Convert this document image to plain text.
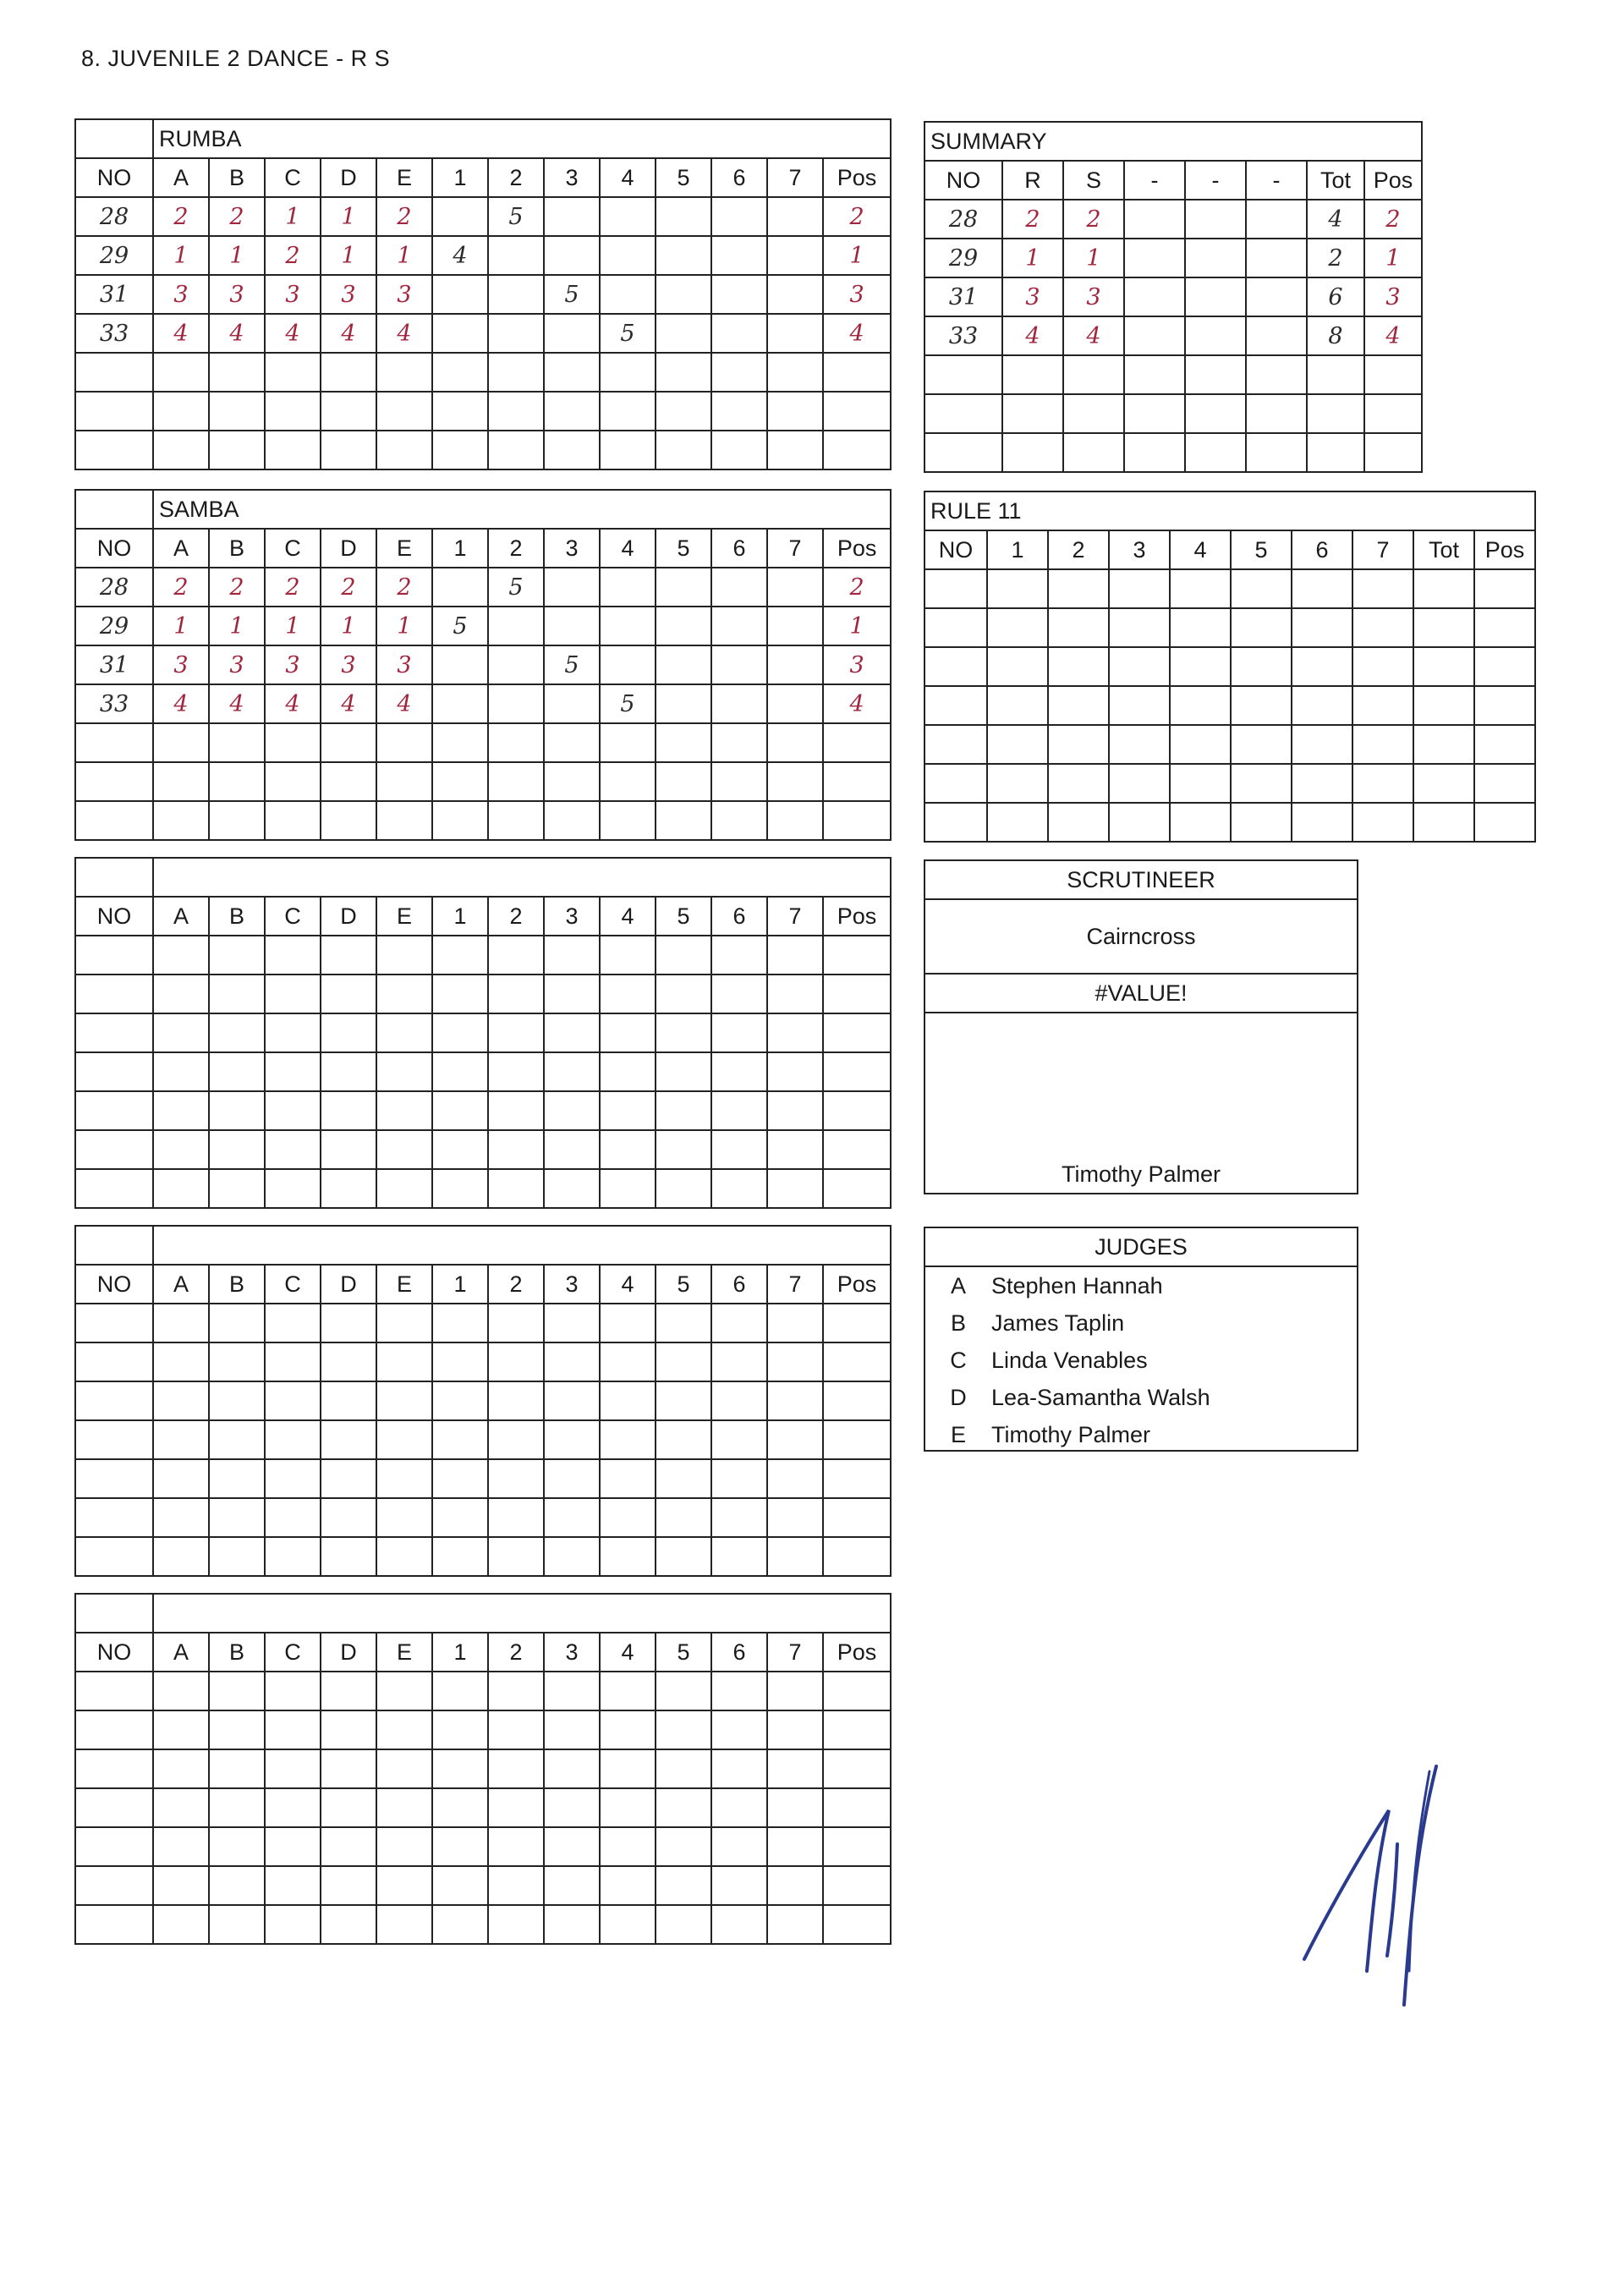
8. JUVENILE 2 DANCE - R S
	RUMBA												
NO	A	B	C	D	E	1	2	3	4	5	6	7	Pos
28	2	2	1	1	2		5						2
29	1	1	2	1	1	4							1
31	3	3	3	3	3			5					3
33	4	4	4	4	4				5				4

	SAMBA												
NO	A	B	C	D	E	1	2	3	4	5	6	7	Pos
28	2	2	2	2	2		5						2
29	1	1	1	1	1	5							1
31	3	3	3	3	3			5					3
33	4	4	4	4	4				5				4

NO	A	B	C	D	E	1	2	3	4	5	6	7	Pos

NO	A	B	C	D	E	1	2	3	4	5	6	7	Pos

NO	A	B	C	D	E	1	2	3	4	5	6	7	Pos

SUMMARY							
NO	R	S	-	-	-	Tot	Pos
28	2	2				4	2
29	1	1				2	1
31	3	3				6	3
33	4	4				8	4

RULE 11									
NO	1	2	3	4	5	6	7	Tot	Pos

SCRUTINEER
Cairncross
#VALUE!
Timothy Palmer
JUDGES
A	Stephen Hannah
B	James Taplin
C	Linda Venables
D	Lea-Samantha Walsh
E	Timothy Palmer
